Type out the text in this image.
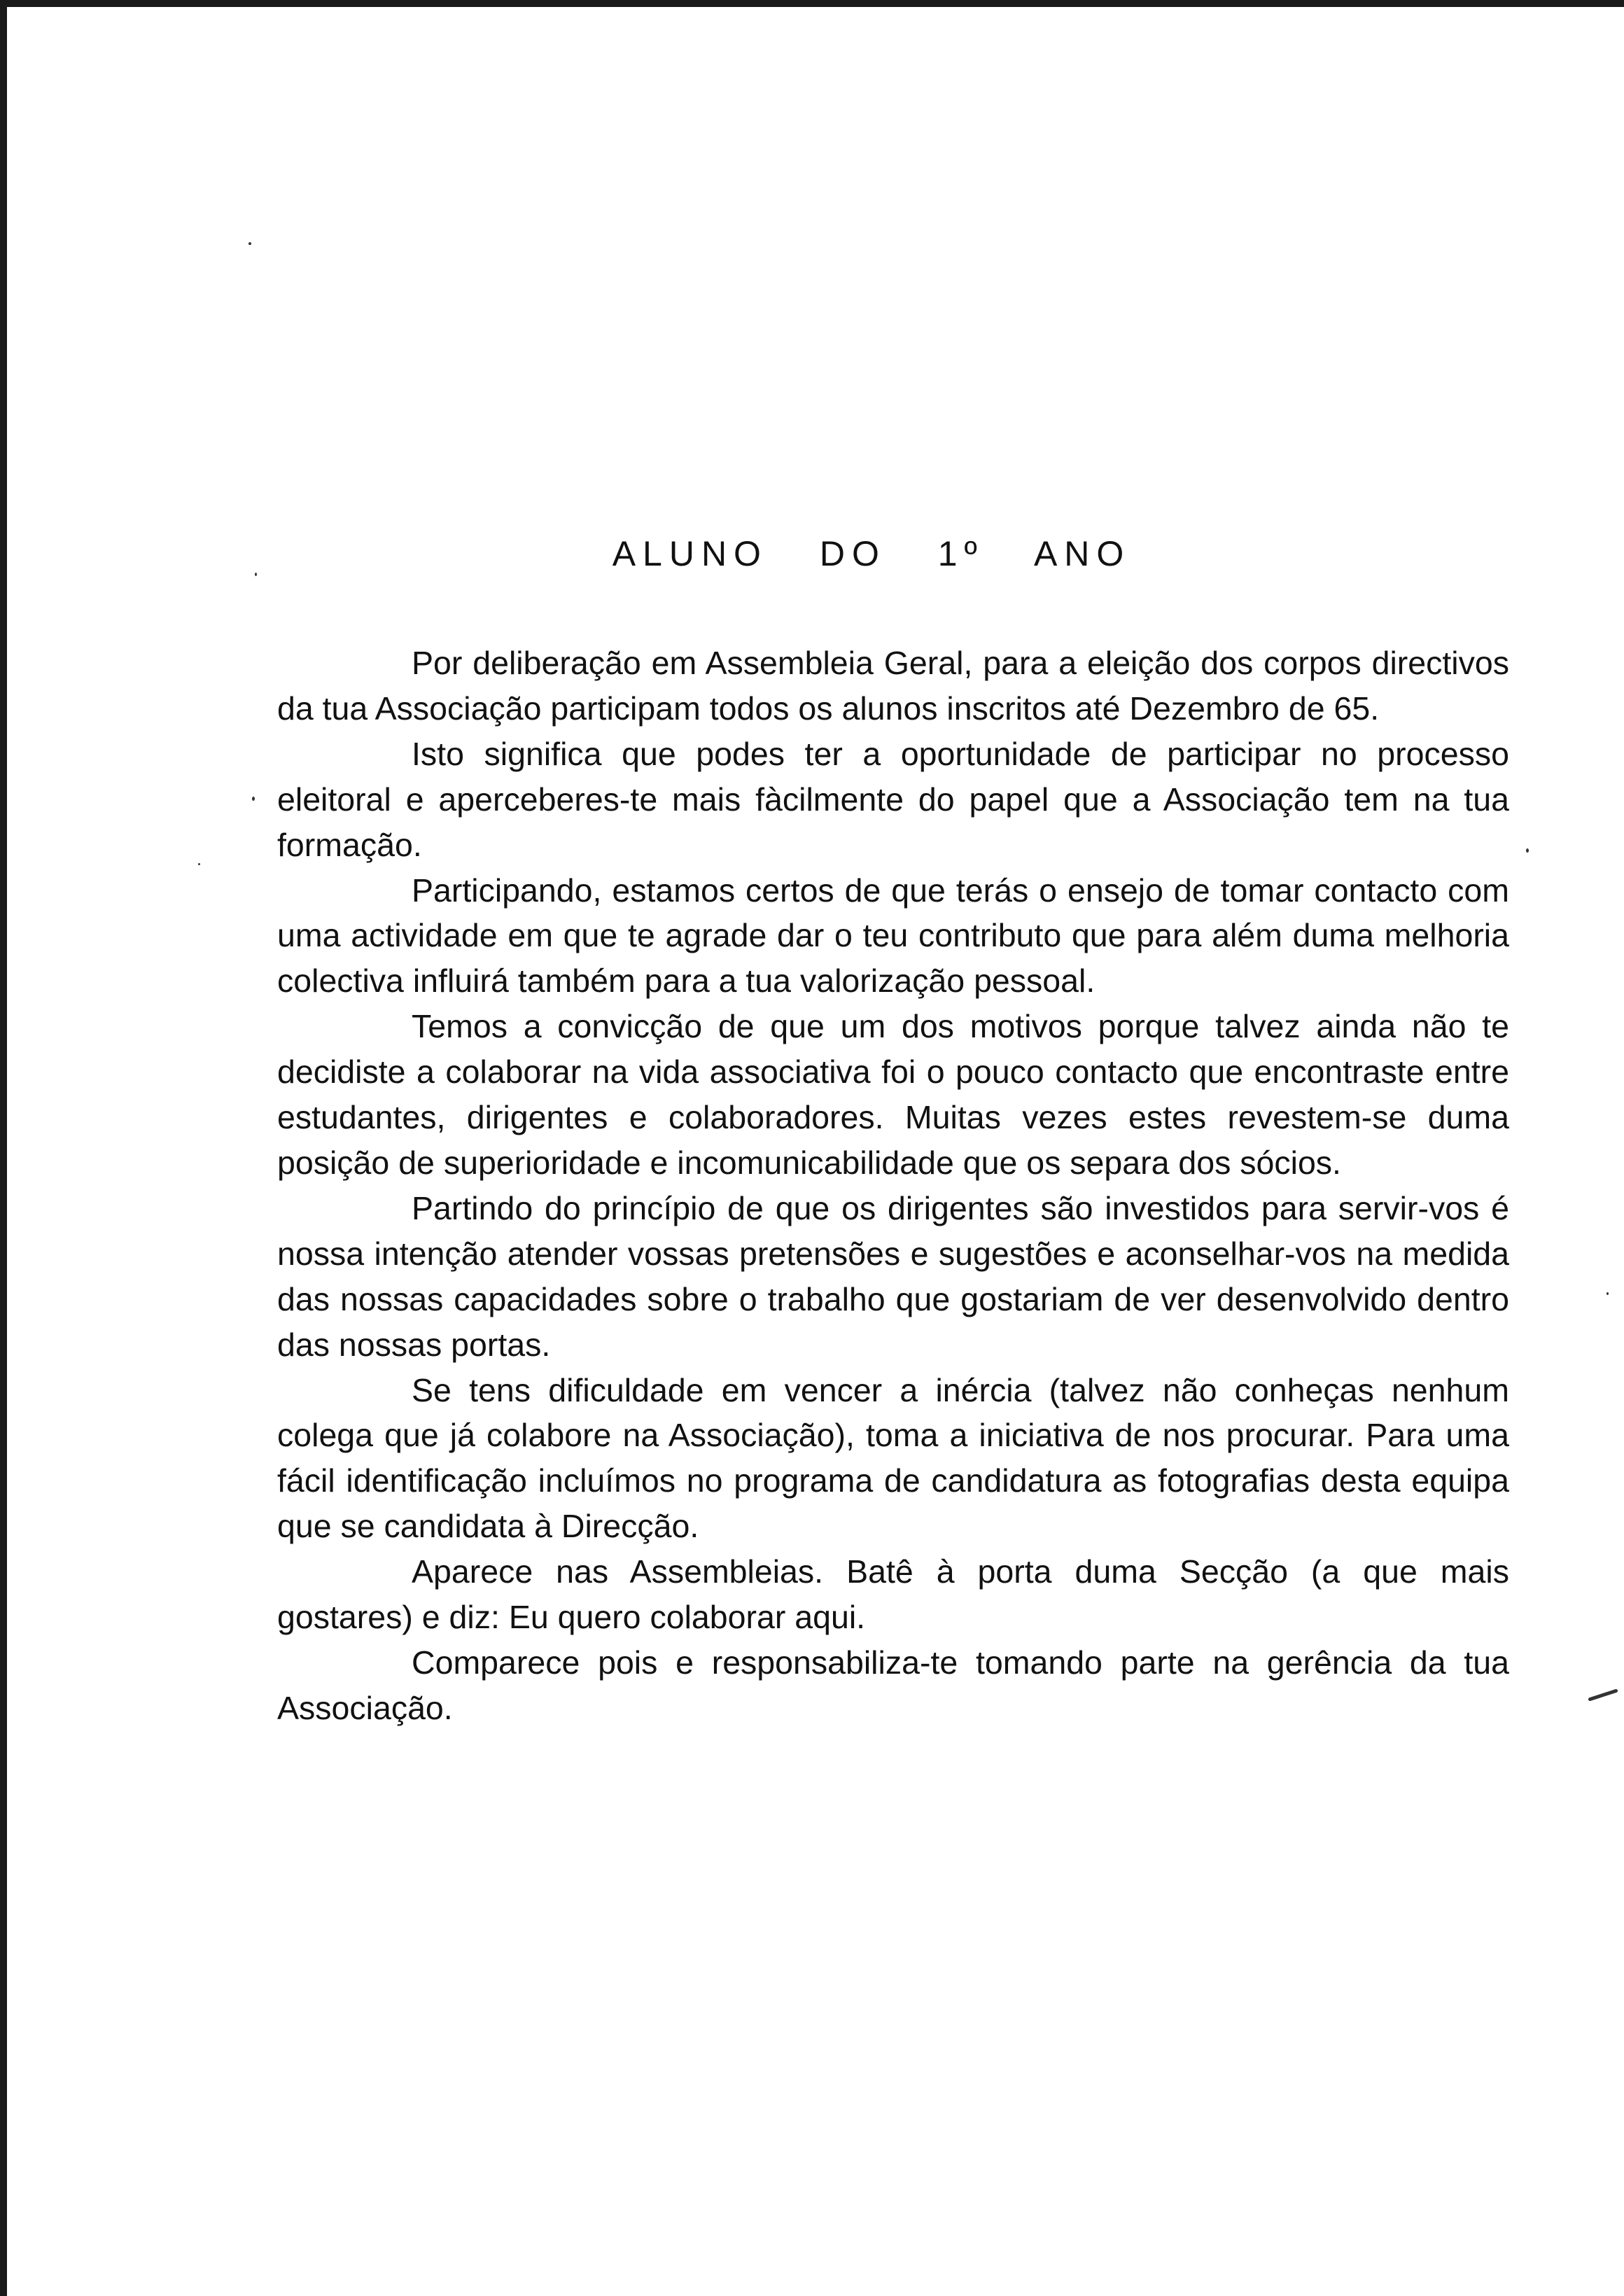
ALUNO DO 1º ANO

Por deliberação em Assembleia Geral, para a eleição dos corpos directivos da tua Associação participam todos os alunos inscritos até Dezembro de 65.

Isto significa que podes ter a oportunidade de participar no processo eleitoral e aperceberes-te mais fàcilmente do papel que a Associação tem na tua formação.

Participando, estamos certos de que terás o ensejo de tomar contacto com uma actividade em que te agrade dar o teu contributo que para além duma melhoria colectiva influirá também para a tua valorização pessoal.

Temos a convicção de que um dos motivos porque talvez ainda não te decidiste a colaborar na vida associativa foi o pouco contacto que encontraste entre estudantes, dirigentes e colaboradores. Muitas vezes estes revestem-se duma posição de superioridade e incomunicabilidade que os separa dos sócios.

Partindo do princípio de que os dirigentes são investidos para servir-vos é nossa intenção atender vossas pretensões e sugestões e aconselhar-vos na medida das nossas capacidades sobre o trabalho que gostariam de ver desenvolvido dentro das nossas portas.

Se tens dificuldade em vencer a inércia (talvez não conheças nenhum colega que já colabore na Associação), toma a iniciativa de nos procurar. Para uma fácil identificação incluímos no programa de candidatura as fotografias desta equipa que se candidata à Direcção.

Aparece nas Assembleias. Batê à porta duma Secção (a que mais gostares) e diz: Eu quero colaborar aqui.

Comparece pois e responsabiliza-te tomando parte na gerência da tua Associação.
